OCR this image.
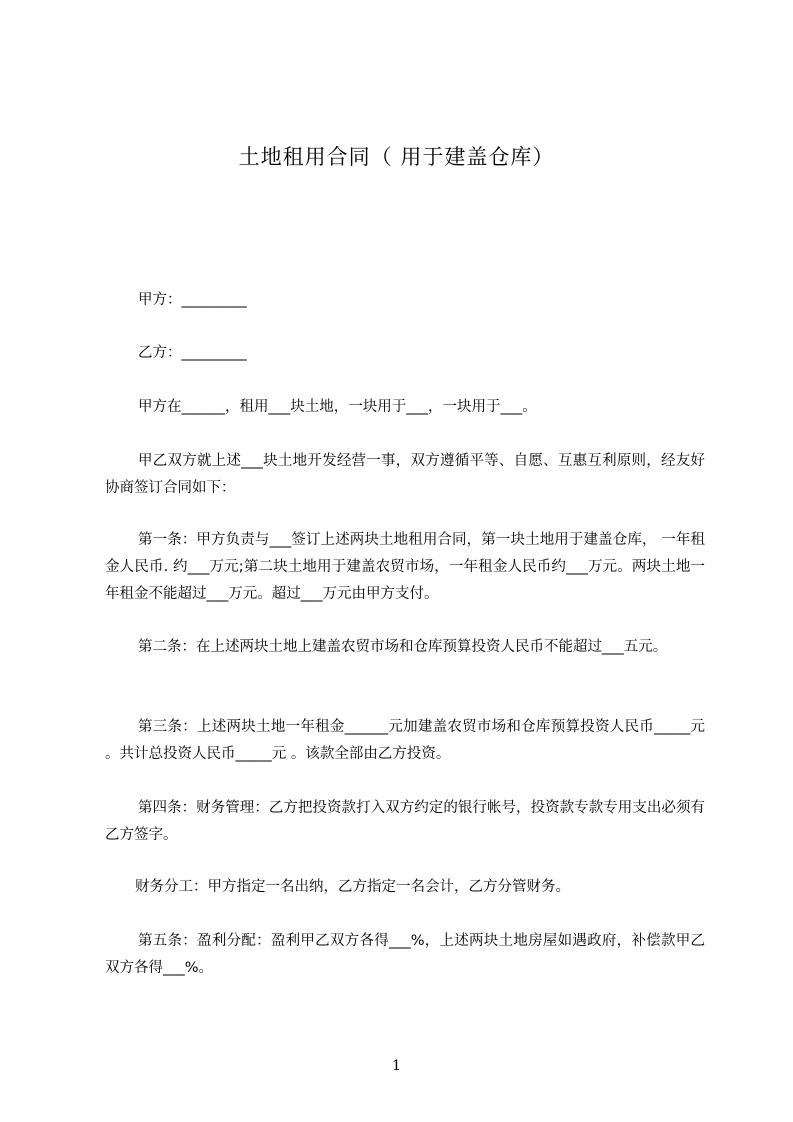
土地租用合同（ 用于建盖仓库）
甲方：_________
乙方：_________
甲方在______，租用___块土地，一块用于___，一块用于___。
甲乙双方就上述___块土地开发经营一事，双方遵循平等、自愿、互惠互利原则，经友好协商签订合同如下：
第一条：甲方负责与___签订上述两块土地租用合同，第一块土地用于建盖仓库， 一年租金人民币. 约___万元;第二块土地用于建盖农贸市场，一年租金人民币约___万元。两块土地一年租金不能超过___万元。超过___万元由甲方支付。
第二条：在上述两块土地上建盖农贸市场和仓库预算投资人民币不能超过___五元。
第三条：上述两块土地一年租金______元加建盖农贸市场和仓库预算投资人民币_____元 。共计总投资人民币_____元 。该款全部由乙方投资。
第四条：财务管理：乙方把投资款打入双方约定的银行帐号，投资款专款专用支出必须有乙方签字。
财务分工：甲方指定一名出纳，乙方指定一名会计，乙方分管财务。
第五条：盈利分配：盈利甲乙双方各得___%，上述两块土地房屋如遇政府，补偿款甲乙双方各得___%。
1
